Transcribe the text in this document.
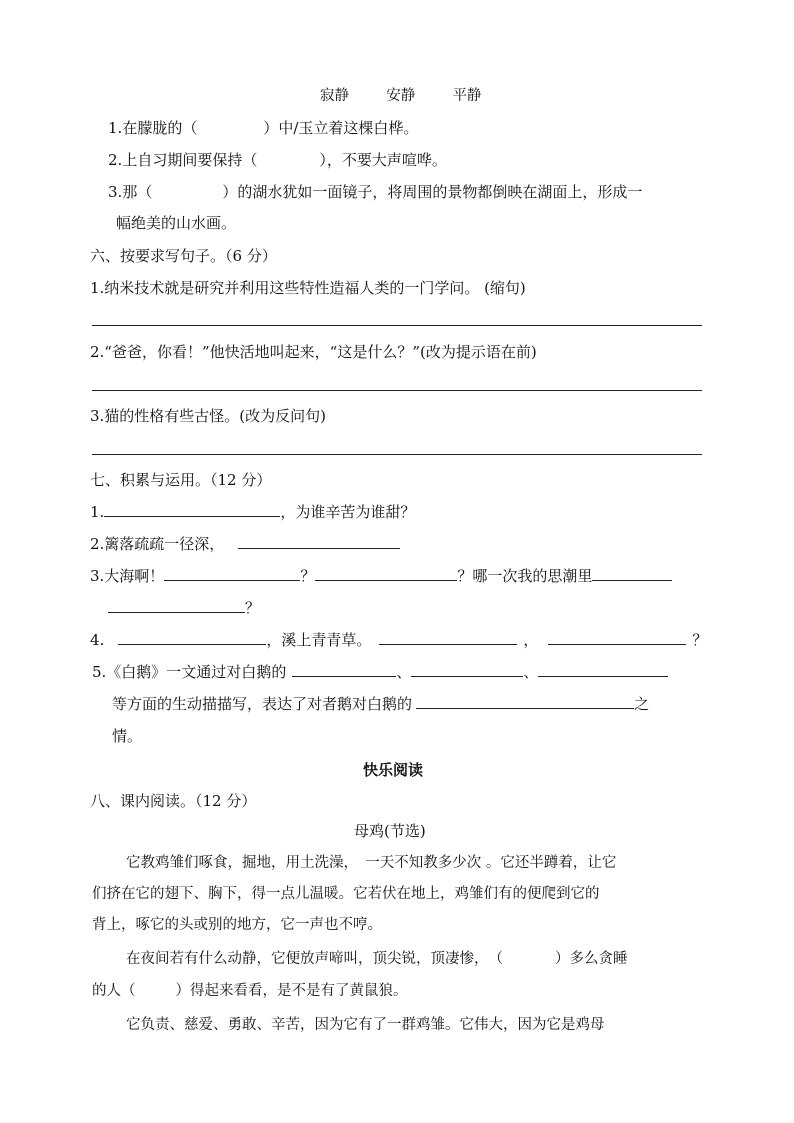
寂静	安静	平静
1.在朦胧的（	）中/玉立着这棵白桦。
2.上自习期间要保持（	），不要大声喧哗。
3.那（	）的湖水犹如一面镜子，将周围的景物都倒映在湖面上，形成一
幅绝美的山水画。
六、按要求写句子。（6 分）
1.纳米技术就是研究并利用这些特性造福人类的一门学问。 (缩句)
2.“爸爸，你看！”他快活地叫起来，“这是什么？”(改为提示语在前)
3.猫的性格有些古怪。(改为反问句)
七、积累与运用。（12 分）
1.	，为谁辛苦为谁甜？
2.篱落疏疏一径深，
3.大海啊！	？	？哪一次我的思潮里
？
4.	，溪上青青草。	，	？
5.《白鹅》一文通过对白鹅的	、	、
等方面的生动描描写，表达了对者鹅对白鹅的	之
情。
快乐阅读
八、课内阅读。（12 分）
母鸡(节选)
它教鸡雏们啄食，掘地，用土洗澡，　一天不知教多少次 。它还半蹲着，让它
们挤在它的翅下、胸下，得一点儿温暖。它若伏在地上，鸡雏们有的便爬到它的
背上，啄它的头或别的地方，它一声也不哼。
在夜间若有什么动静，它便放声啼叫，顶尖锐，顶凄惨，　（	）多么贪睡
的人（	）得起来看看，是不是有了黄鼠狼。
它负责、慈爱、勇敢、辛苦，因为它有了一群鸡雏。它伟大，因为它是鸡母
